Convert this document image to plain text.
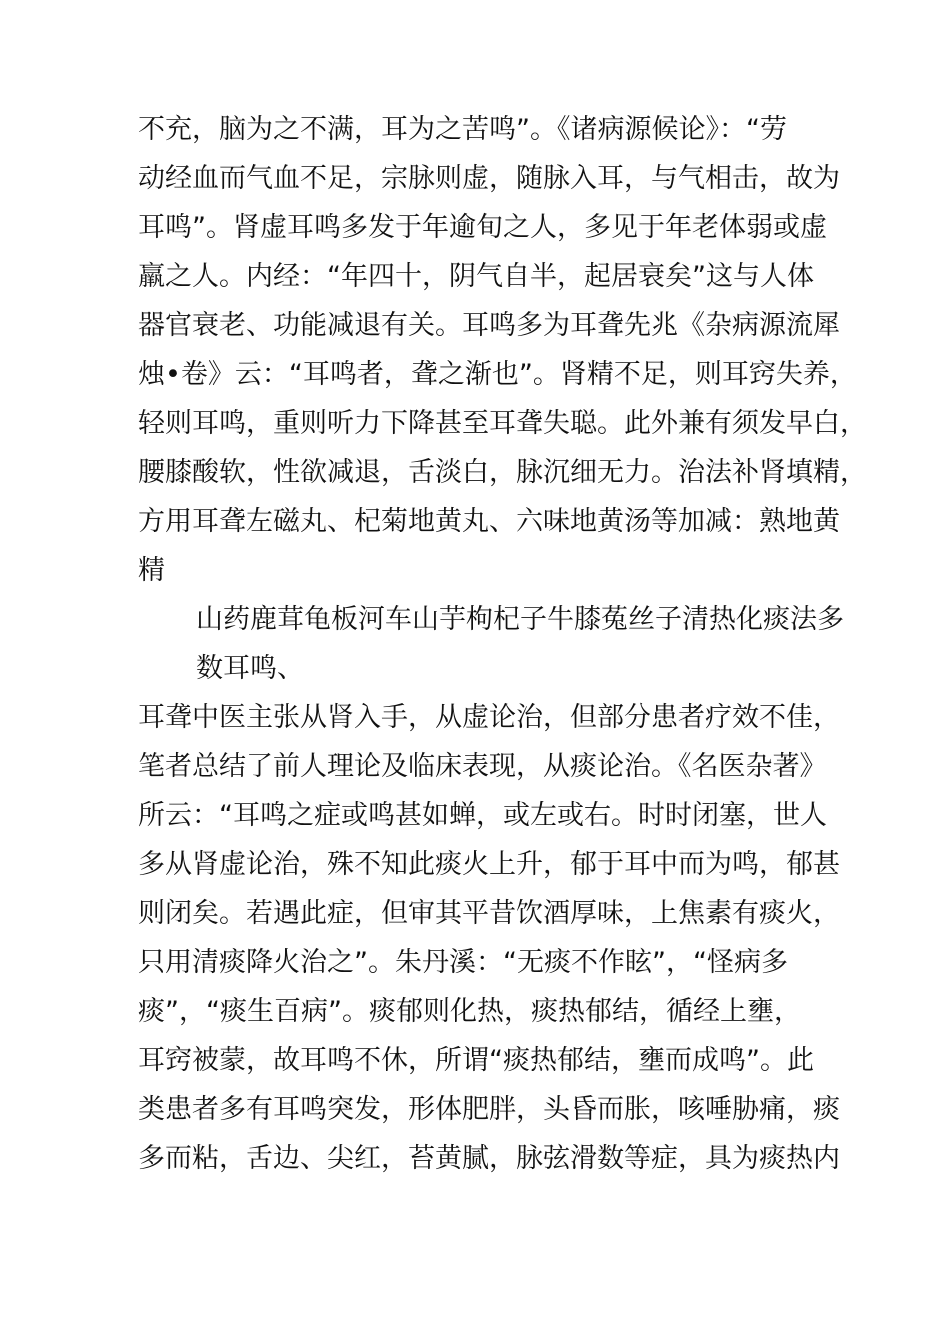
不充，脑为之不满，耳为之苦鸣”。《诸病源候论》：“劳
动经血而气血不足，宗脉则虚，随脉入耳，与气相击，故为
耳鸣”。肾虚耳鸣多发于年逾旬之人，多见于年老体弱或虚
羸之人。内经：“年四十，阴气自半，起居衰矣”这与人体
器官衰老、功能减退有关。耳鸣多为耳聋先兆《杂病源流犀
烛•卷》云：“耳鸣者，聋之渐也”。肾精不足，则耳窍失养，
轻则耳鸣，重则听力下降甚至耳聋失聪。此外兼有须发早白，
腰膝酸软，性欲减退，舌淡白，脉沉细无力。治法补肾填精，
方用耳聋左磁丸、杞菊地黄丸、六味地黄汤等加减：熟地黄
精
山药鹿茸龟板河车山芋枸杞子牛膝菟丝子清热化痰法多
数耳鸣、
耳聋中医主张从肾入手，从虚论治，但部分患者疗效不佳，
笔者总结了前人理论及临床表现，从痰论治。《名医杂著》
所云：“耳鸣之症或鸣甚如蝉，或左或右。时时闭塞，世人
多从肾虚论治，殊不知此痰火上升，郁于耳中而为鸣，郁甚
则闭矣。若遇此症，但审其平昔饮酒厚味，上焦素有痰火，
只用清痰降火治之”。朱丹溪：“无痰不作眩”，“怪病多
痰”，“痰生百病”。痰郁则化热，痰热郁结，循经上壅，
耳窍被蒙，故耳鸣不休，所谓“痰热郁结，壅而成鸣”。此
类患者多有耳鸣突发，形体肥胖，头昏而胀，咳唾胁痛，痰
多而粘，舌边、尖红，苔黄腻，脉弦滑数等症，具为痰热内
